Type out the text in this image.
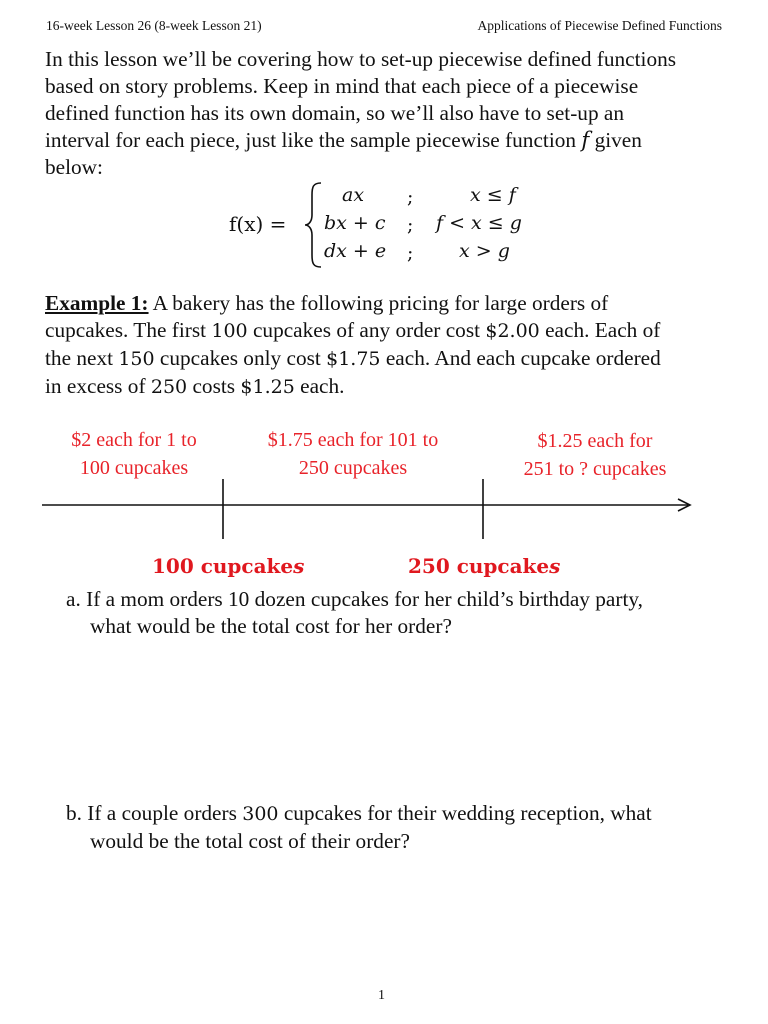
16-week Lesson 26 (8-week Lesson 21)	Applications of Piecewise Defined Functions
In this lesson we’ll be covering how to set-up piecewise defined functions
based on story problems. Keep in mind that each piece of a piecewise
defined function has its own domain, so we’ll also have to set-up an
interval for each piece, just like the sample piecewise function f given
below:
f(x) =
ax ;	x ≤ f
bx + c ; f < x ≤ g
dx + e ; x > g
Example 1: A bakery has the following pricing for large orders of
cupcakes. The first 100 cupcakes of any order cost $2.00 each. Each of
the next 150 cupcakes only cost $1.75 each. And each cupcake ordered
in excess of 250 costs $1.25 each.
$2 each for 1 to
100 cupcakes
$1.75 each for 101 to
250 cupcakes
$1.25 each for
251 to ? cupcakes
100 cupcakes	250 cupcakes
a. If a mom orders 10 dozen cupcakes for her child’s birthday party,
what would be the total cost for her order?
b. If a couple orders 300 cupcakes for their wedding reception, what
would be the total cost of their order?
1
